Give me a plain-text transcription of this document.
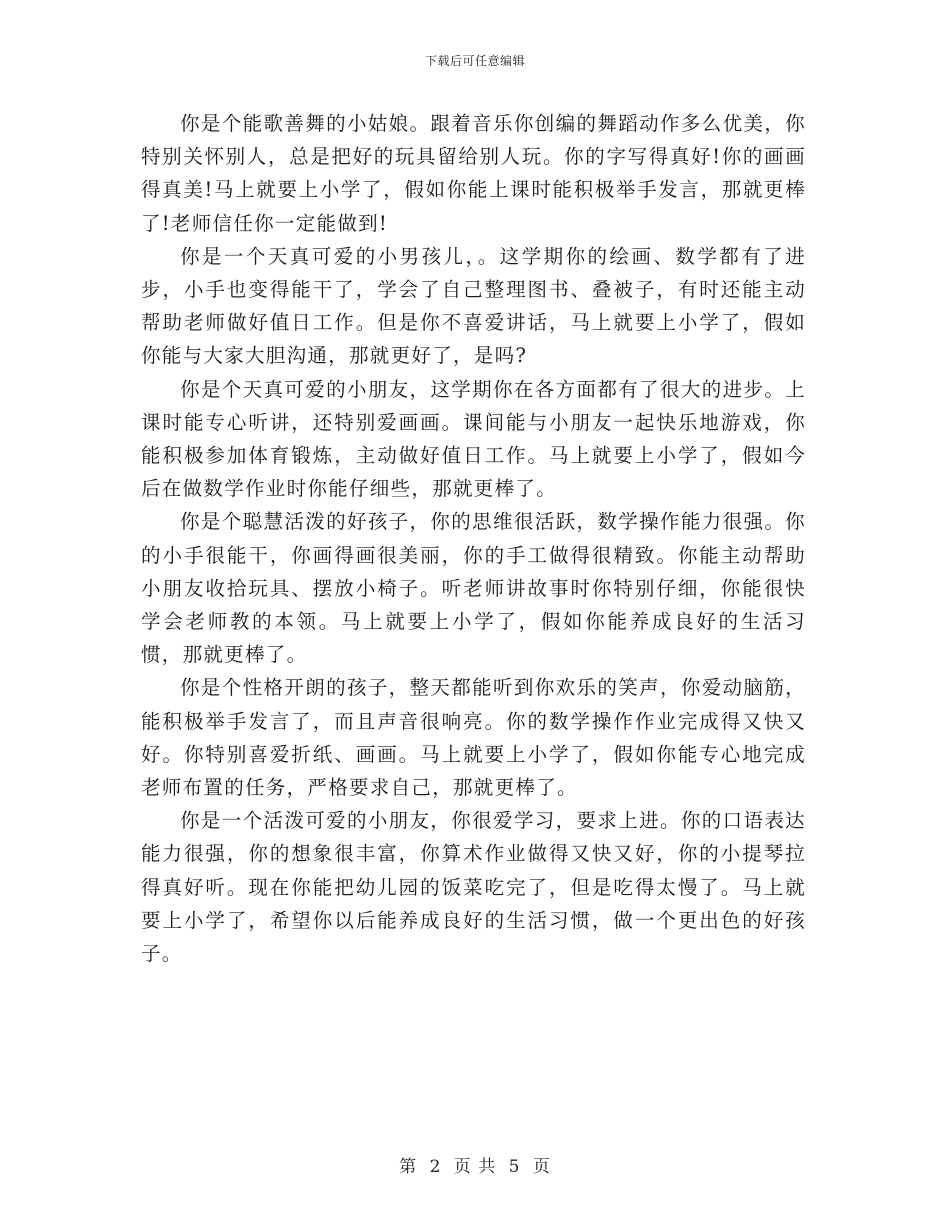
下载后可任意编辑

你是个能歌善舞的小姑娘。跟着音乐你创编的舞蹈动作多么优美，你特别关怀别人，总是把好的玩具留给别人玩。你的字写得真好!你的画画得真美!马上就要上小学了，假如你能上课时能积极举手发言，那就更棒了!老师信任你一定能做到!

你是一个天真可爱的小男孩儿，。这学期你的绘画、数学都有了进步，小手也变得能干了，学会了自己整理图书、叠被子，有时还能主动帮助老师做好值日工作。但是你不喜爱讲话，马上就要上小学了，假如你能与大家大胆沟通，那就更好了，是吗?

你是个天真可爱的小朋友，这学期你在各方面都有了很大的进步。上课时能专心听讲，还特别爱画画。课间能与小朋友一起快乐地游戏，你能积极参加体育锻炼，主动做好值日工作。马上就要上小学了，假如今后在做数学作业时你能仔细些，那就更棒了。

你是个聪慧活泼的好孩子，你的思维很活跃，数学操作能力很强。你的小手很能干，你画得画很美丽，你的手工做得很精致。你能主动帮助小朋友收拾玩具、摆放小椅子。听老师讲故事时你特别仔细，你能很快学会老师教的本领。马上就要上小学了，假如你能养成良好的生活习惯，那就更棒了。

你是个性格开朗的孩子，整天都能听到你欢乐的笑声，你爱动脑筋，能积极举手发言了，而且声音很响亮。你的数学操作作业完成得又快又好。你特别喜爱折纸、画画。马上就要上小学了，假如你能专心地完成老师布置的任务，严格要求自己，那就更棒了。

你是一个活泼可爱的小朋友，你很爱学习，要求上进。你的口语表达能力很强，你的想象很丰富，你算术作业做得又快又好，你的小提琴拉得真好听。现在你能把幼儿园的饭菜吃完了，但是吃得太慢了。马上就要上小学了，希望你以后能养成良好的生活习惯，做一个更出色的好孩子。

第 2 页 共 5 页
